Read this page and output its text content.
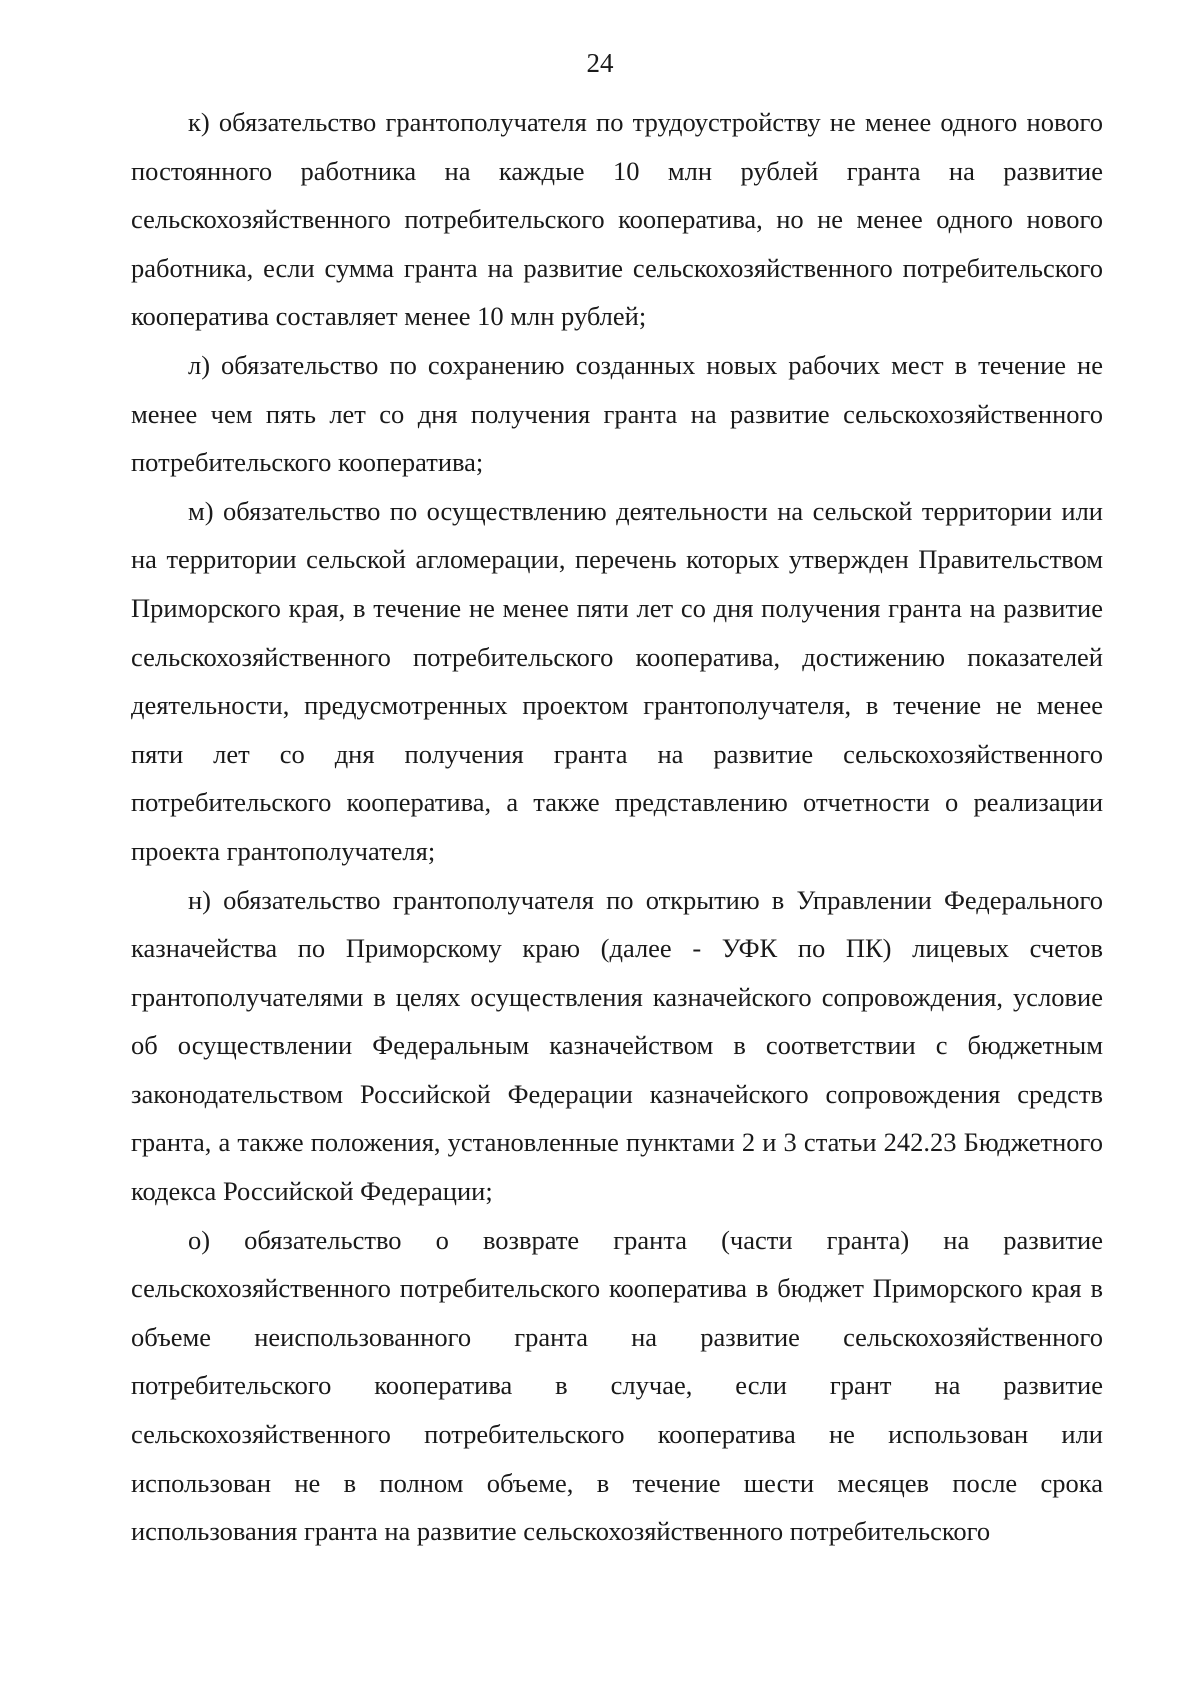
24

к) обязательство грантополучателя по трудоустройству не менее одного нового постоянного работника на каждые 10 млн рублей гранта на развитие сельскохозяйственного потребительского кооператива, но не менее одного нового работника, если сумма гранта на развитие сельскохозяйственного потребительского кооператива составляет менее 10 млн рублей;

л) обязательство по сохранению созданных новых рабочих мест в течение не менее чем пять лет со дня получения гранта на развитие сельскохозяйственного потребительского кооператива;

м) обязательство по осуществлению деятельности на сельской территории или на территории сельской агломерации, перечень которых утвержден Правительством Приморского края, в течение не менее пяти лет со дня получения гранта на развитие сельскохозяйственного потребительского кооператива, достижению показателей деятельности, предусмотренных проектом грантополучателя, в течение не менее пяти лет со дня получения гранта на развитие сельскохозяйственного потребительского кооператива, а также представлению отчетности о реализации проекта грантополучателя;

н) обязательство грантополучателя по открытию в Управлении Федерального казначейства по Приморскому краю (далее - УФК по ПК) лицевых счетов грантополучателями в целях осуществления казначейского сопровождения, условие об осуществлении Федеральным казначейством в соответствии с бюджетным законодательством Российской Федерации казначейского сопровождения средств гранта, а также положения, установленные пунктами 2 и 3 статьи 242.23 Бюджетного кодекса Российской Федерации;

о) обязательство о возврате гранта (части гранта) на развитие сельскохозяйственного потребительского кооператива в бюджет Приморского края в объеме неиспользованного гранта на развитие сельскохозяйственного потребительского кооператива в случае, если грант на развитие сельскохозяйственного потребительского кооператива не использован или использован не в полном объеме, в течение шести месяцев после срока использования гранта на развитие сельскохозяйственного потребительского
